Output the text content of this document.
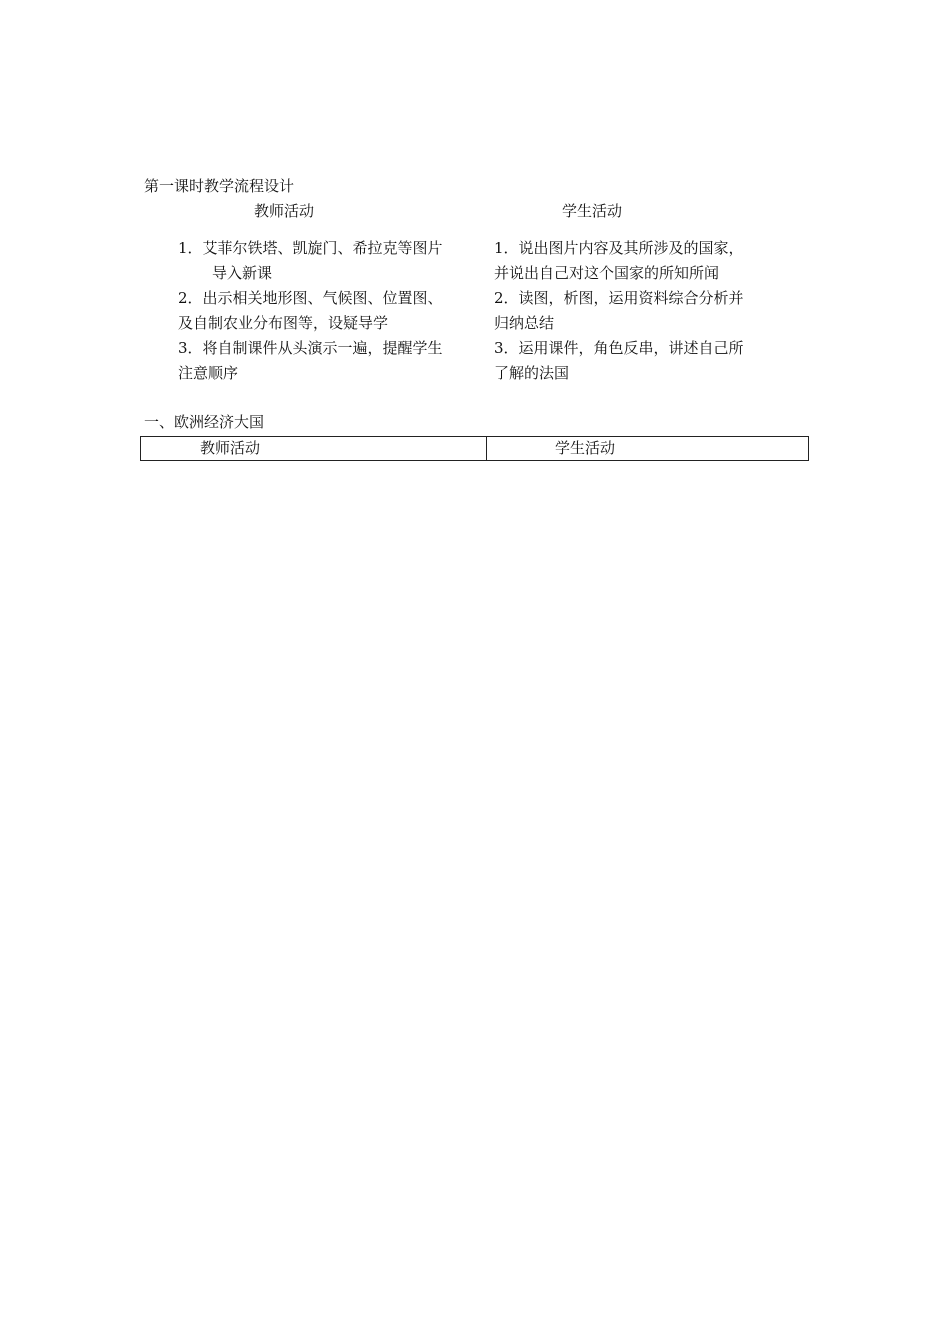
第一课时教学流程设计
教师活动	学生活动
1．艾菲尔铁塔、凯旋门、希拉克等图片
导入新课
2．出示相关地形图、气候图、位置图、
及自制农业分布图等，设疑导学
3．将自制课件从头演示一遍，提醒学生
注意顺序
1．说出图片内容及其所涉及的国家，
并说出自己对这个国家的所知所闻
2．读图，析图，运用资料综合分析并
归纳总结
3．运用课件，角色反串，讲述自己所
了解的法国
一、欧洲经济大国
教师活动	学生活动
